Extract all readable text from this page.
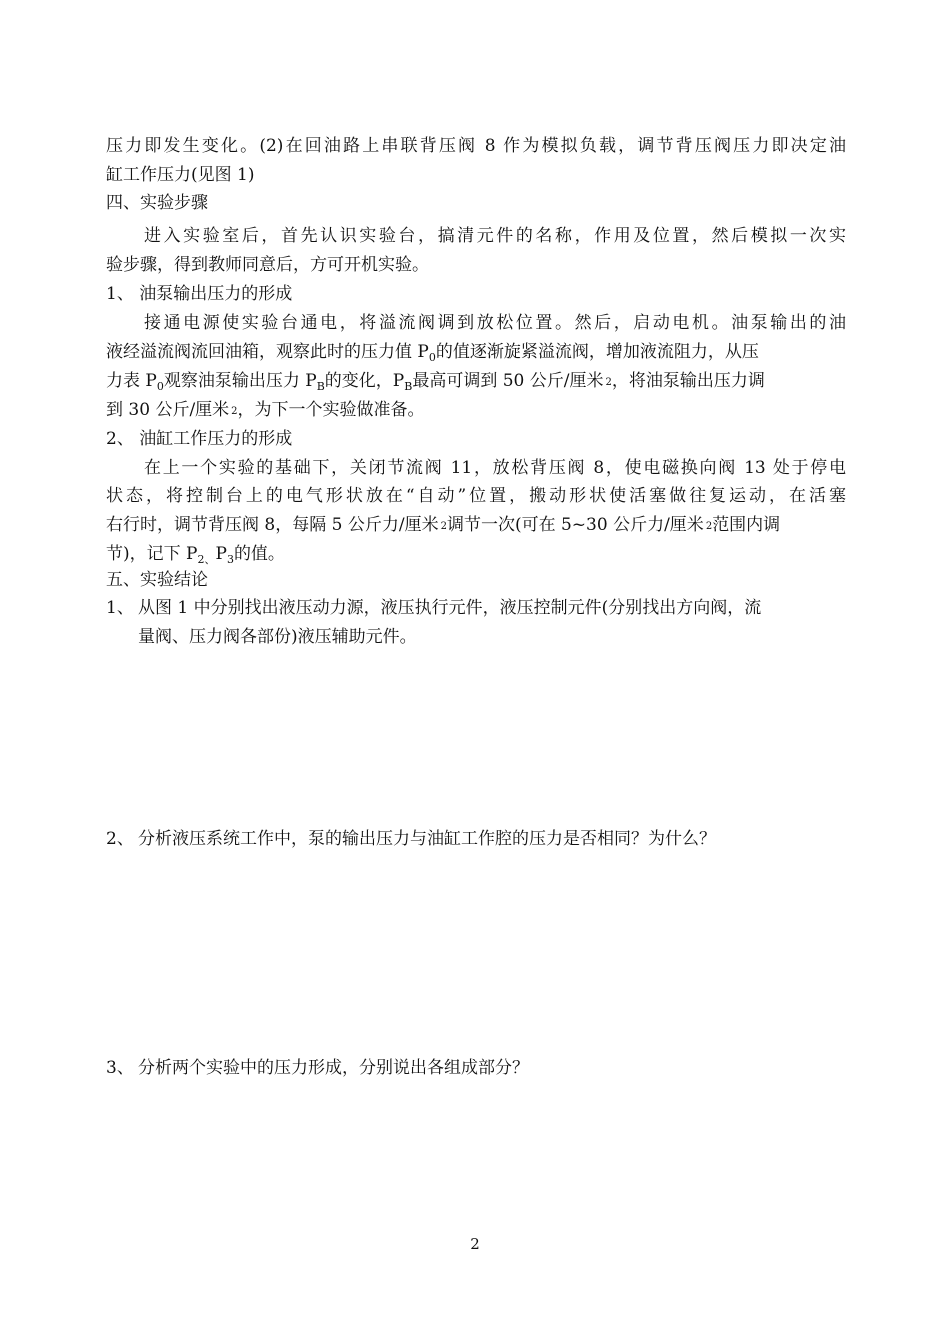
压力即发生变化。(2)在回油路上串联背压阀 8 作为模拟负载，调节背压阀压力即决定油
缸工作压力(见图 1)
四、实验步骤
进入实验室后，首先认识实验台，搞清元件的名称，作用及位置，然后模拟一次实
验步骤，得到教师同意后，方可开机实验。
1、 油泵输出压力的形成
接通电源使实验台通电，将溢流阀调到放松位置。然后，启动电机。油泵输出的油
液经溢流阀流回油箱，观察此时的压力值 $P_0$的值逐渐旋紧溢流阀，增加液流阻力，从压
力表 $P_0$观察油泵输出压力 $P_B$的变化，$P_B$最高可调到 50 公斤/厘米 $^2$，将油泵输出压力调
到 30 公斤/厘米 $^2$，为下一个实验做准备。
2、 油缸工作压力的形成
在上一个实验的基础下，关闭节流阀 11，放松背压阀 8，使电磁换向阀 13 处于停电
状态，将控制台上的电气形状放在“自动”位置，搬动形状使活塞做往复运动，在活塞
右行时，调节背压阀 8，每隔 5 公斤力/厘米 $^2$调节一次(可在 5~30 公斤力/厘米 $^2$范围内调
节)，记下 $P_{2、}P_3$的值。
五、实验结论
1、 从图 1 中分别找出液压动力源，液压执行元件，液压控制元件(分别找出方向阀，流
量阀、压力阀各部份)液压辅助元件。
2、 分析液压系统工作中，泵的输出压力与油缸工作腔的压力是否相同？为什么？
3、 分析两个实验中的压力形成，分别说出各组成部分？
2
